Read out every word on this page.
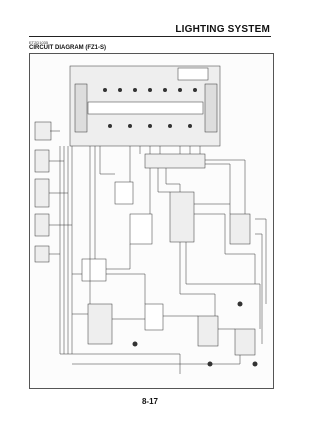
LIGHTING SYSTEM
ET2D1035
CIRCUIT DIAGRAM (FZ1-S)
8-17
